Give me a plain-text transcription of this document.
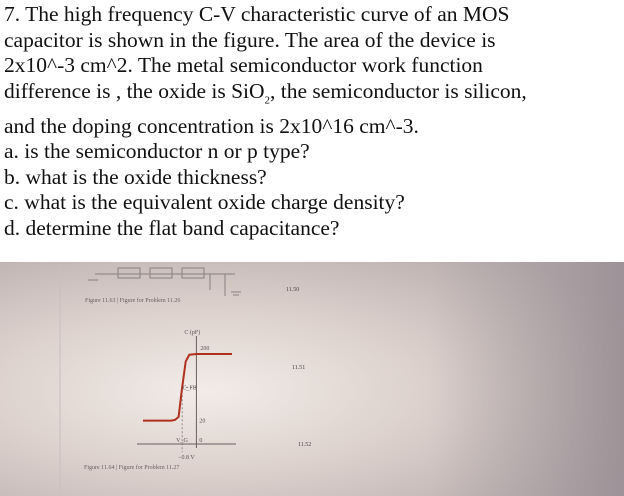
7. The high frequency C-V characteristic curve of an MOS

capacitor is shown in the figure. The area of the device is

2x10^-3 cm^2. The metal semiconductor work function

difference is , the oxide is SiO$_2$, the semiconductor is silicon,

and the doping concentration is 2x10^16 cm^-3.

a. is the semiconductor n or p type?

b. what is the oxide thickness?

c. what is the equivalent oxide charge density?

d. determine the flat band capacitance?

Figure 11.63 | Figure for Problem 11.26
11.50
11.51
11.52
C (pF)
200
C_FB
20
V_G 0
−0.8 V
Figure 11.64 | Figure for Problem 11.27
